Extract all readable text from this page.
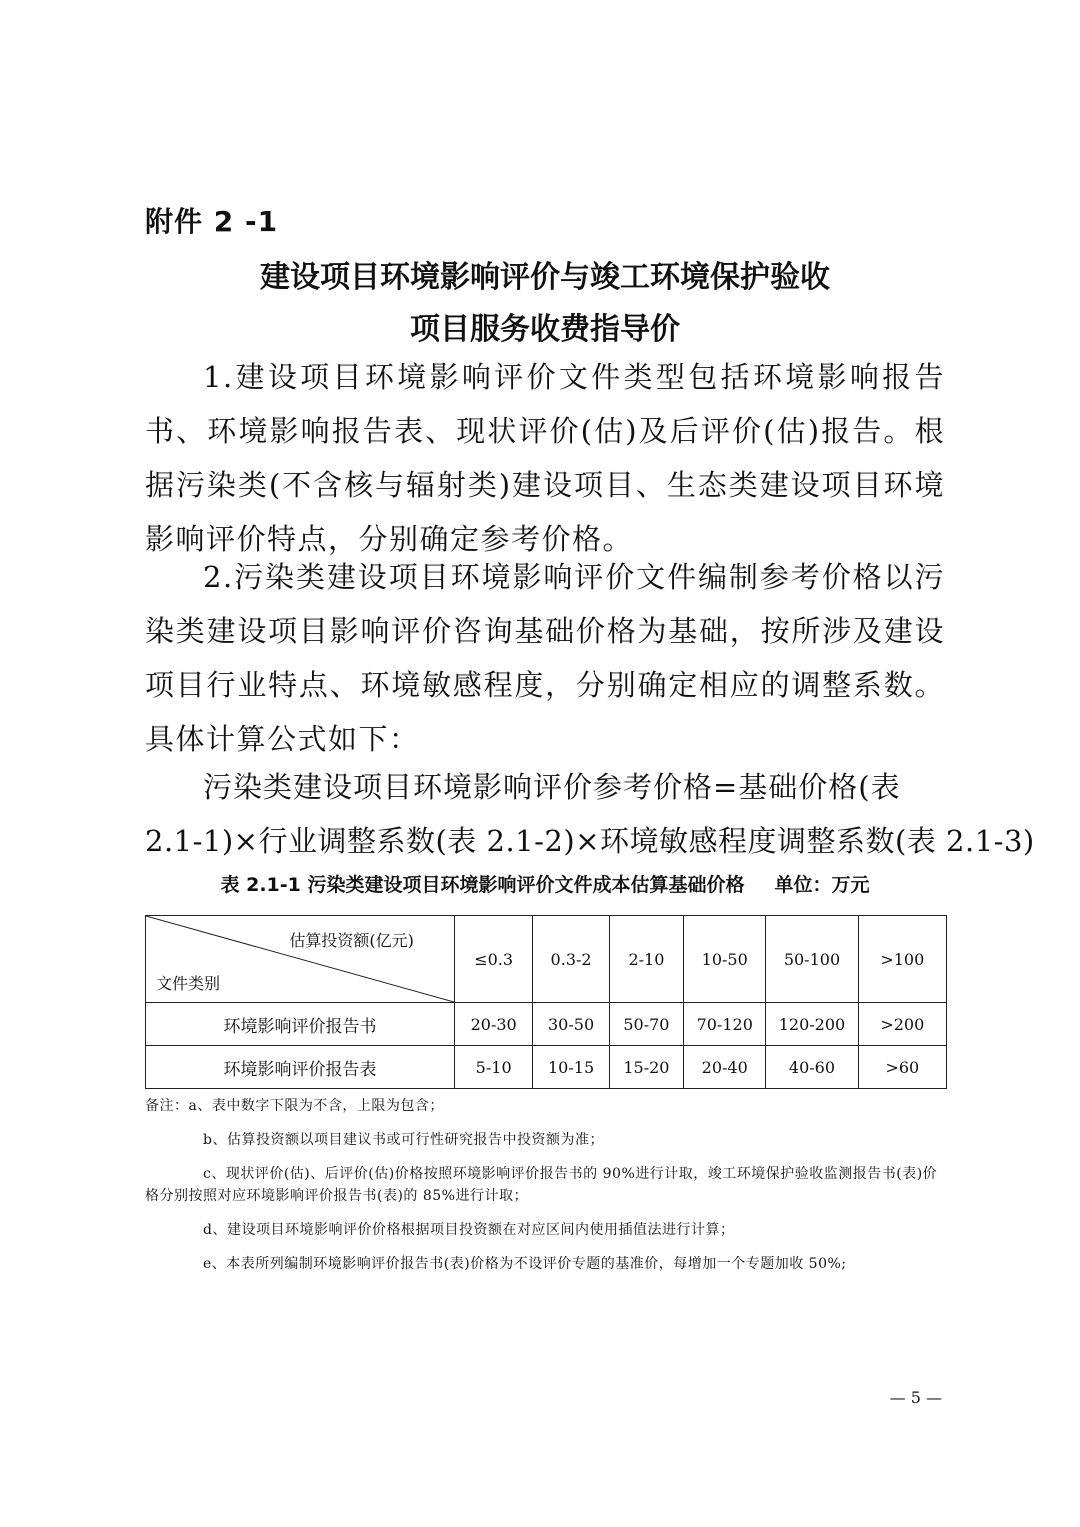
附件 2 -1
建设项目环境影响评价与竣工环境保护验收
项目服务收费指导价
1.建设项目环境影响评价文件类型包括环境影响报告书、环境影响报告表、现状评价(估)及后评价(估)报告。根据污染类(不含核与辐射类)建设项目、生态类建设项目环境影响评价特点，分别确定参考价格。
2.污染类建设项目环境影响评价文件编制参考价格以污染类建设项目影响评价咨询基础价格为基础，按所涉及建设项目行业特点、环境敏感程度，分别确定相应的调整系数。具体计算公式如下：
污染类建设项目环境影响评价参考价格=基础价格(表
2.1-1)×行业调整系数(表 2.1-2)×环境敏感程度调整系数(表 2.1-3)
表 2.1-1 污染类建设项目环境影响评价文件成本估算基础价格 单位：万元
估算投资额(亿元)
文件类别	≤0.3	0.3-2	2-10	10-50	50-100	>100
环境影响评价报告书	20-30	30-50	50-70	70-120	120-200	>200
环境影响评价报告表	5-10	10-15	15-20	20-40	40-60	>60
备注：a、表中数字下限为不含，上限为包含；
b、估算投资额以项目建议书或可行性研究报告中投资额为准；
c、现状评价(估)、后评价(估)价格按照环境影响评价报告书的 90%进行计取，竣工环境保护验收监测报告书(表)价格分别按照对应环境影响评价报告书(表)的 85%进行计取；
d、建设项目环境影响评价价格根据项目投资额在对应区间内使用插值法进行计算；
e、本表所列编制环境影响评价报告书(表)价格为不设评价专题的基准价，每增加一个专题加收 50%;
— 5 —
